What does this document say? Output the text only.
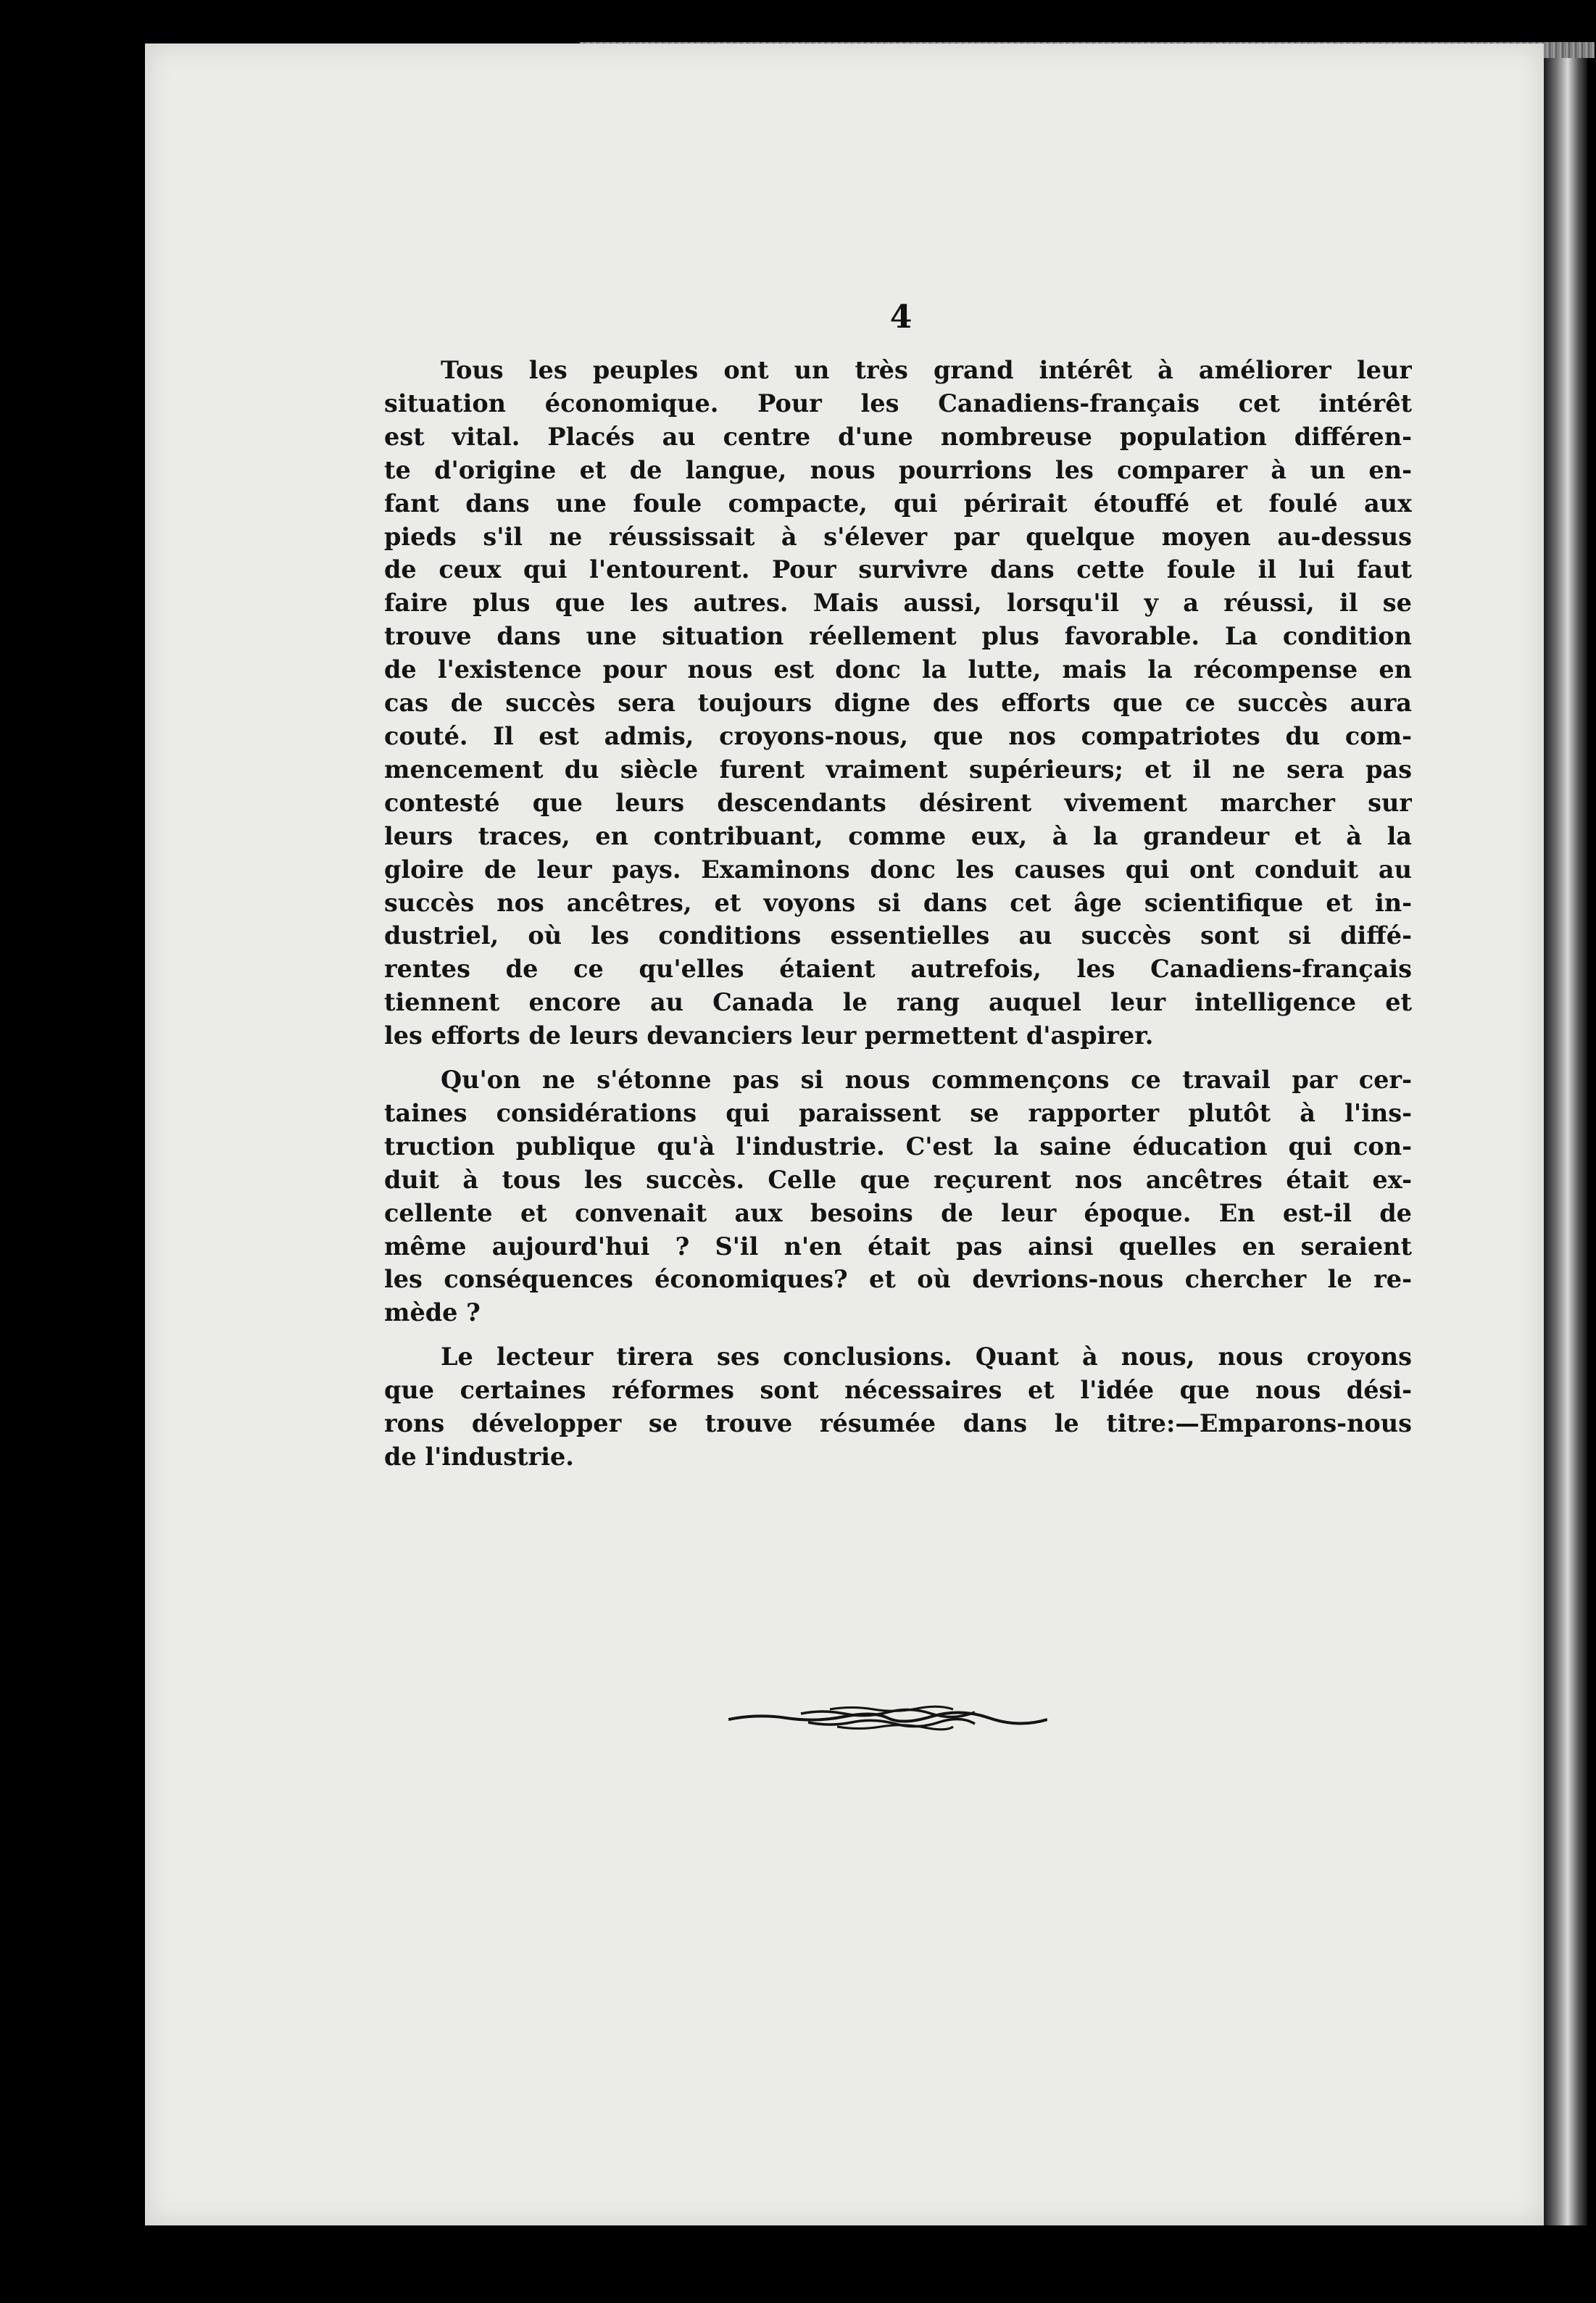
4

Tous les peuples ont un très grand intérêt à améliorer leur
situation économique. Pour les Canadiens-français cet intérêt
est vital. Placés au centre d'une nombreuse population différen-
te d'origine et de langue, nous pourrions les comparer à un en-
fant dans une foule compacte, qui périrait étouffé et foulé aux
pieds s'il ne réussissait à s'élever par quelque moyen au-dessus
de ceux qui l'entourent. Pour survivre dans cette foule il lui faut
faire plus que les autres. Mais aussi, lorsqu'il y a réussi, il se
trouve dans une situation réellement plus favorable. La condition
de l'existence pour nous est donc la lutte, mais la récompense en
cas de succès sera toujours digne des efforts que ce succès aura
couté. Il est admis, croyons-nous, que nos compatriotes du com-
mencement du siècle furent vraiment supérieurs; et il ne sera pas
contesté que leurs descendants désirent vivement marcher sur
leurs traces, en contribuant, comme eux, à la grandeur et à la
gloire de leur pays. Examinons donc les causes qui ont conduit au
succès nos ancêtres, et voyons si dans cet âge scientifique et in-
dustriel, où les conditions essentielles au succès sont si diffé-
rentes de ce qu'elles étaient autrefois, les Canadiens-français
tiennent encore au Canada le rang auquel leur intelligence et
les efforts de leurs devanciers leur permettent d'aspirer.

Qu'on ne s'étonne pas si nous commençons ce travail par cer-
taines considérations qui paraissent se rapporter plutôt à l'ins-
truction publique qu'à l'industrie. C'est la saine éducation qui con-
duit à tous les succès. Celle que reçurent nos ancêtres était ex-
cellente et convenait aux besoins de leur époque. En est-il de
même aujourd'hui ? S'il n'en était pas ainsi quelles en seraient
les conséquences économiques? et où devrions-nous chercher le re-
mède ?

Le lecteur tirera ses conclusions. Quant à nous, nous croyons
que certaines réformes sont nécessaires et l'idée que nous dési-
rons développer se trouve résumée dans le titre:—Emparons-nous
de l'industrie.
